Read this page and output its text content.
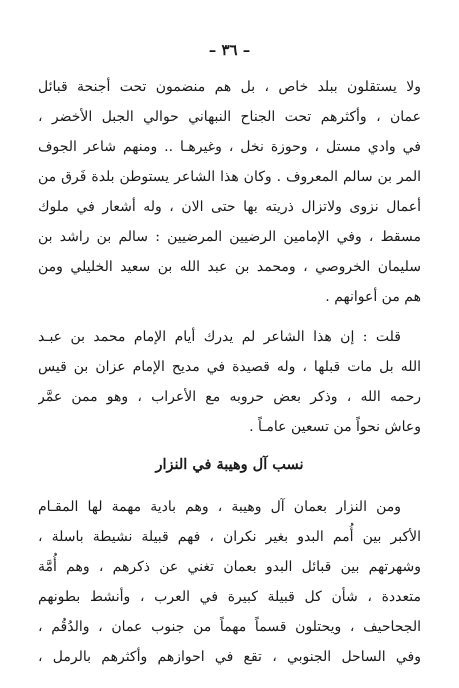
– ٣٦ –
ولا يستقلون ببلد خاص ، بل هم منضمون تحت أجنحة قبائل
عمان ، وأكثرهم تحت الجناح النبهاني حوالي الجبل الأخضر ،
في وادي مستل ، وحوزة نخل ، وغيرهـا .. ومنهم شاعر الجوف
المر بن سالم المعروف . وكان هذا الشاعر يستوطن بلدة فَرق من
أعمال نزوى ولاتزال ذريته بها حتى الان ، وله أشعار في ملوك
مسقط ، وفي الإمامين الرضيين المرضيين : سالم بن راشد بن
سليمان الخروصي ، ومحمد بن عبد الله بن سعيد الخليلي ومن
هم من أعوانهم .
قلت : إن هذا الشاعر لم يدرك أيام الإمام محمد بن عبـد
الله بل مات قبلها ، وله قصيدة في مديح الإمام عزان بن قيس
رحمه الله ، وذكر بعض حروبه مع الأعراب ، وهو ممن عمَّر
وعاش نحواً من تسعين عامـاً .
نسب آل وهيبة في النزار
ومن النزار بعمان آل وهيبة ، وهم بادية مهمة لها المقـام
الأكبر بين أُمم البدو بغير نكران ، فهم قبيلة نشيطة باسلة ،
وشهرتهم بين قبائل البدو بعمان تغني عن ذكرهم ، وهم أُمَّة
متعددة ، شأن كل قبيلة كبيرة في العرب ، وأنشط بطونهم
الجحاحيف ، ويحتلون قسماً مهماً من جنوب عمان ، والدُقُم ،
وفي الساحل الجنوبي ، تقع في احوازهم وأكثرهم بالرمل ،
